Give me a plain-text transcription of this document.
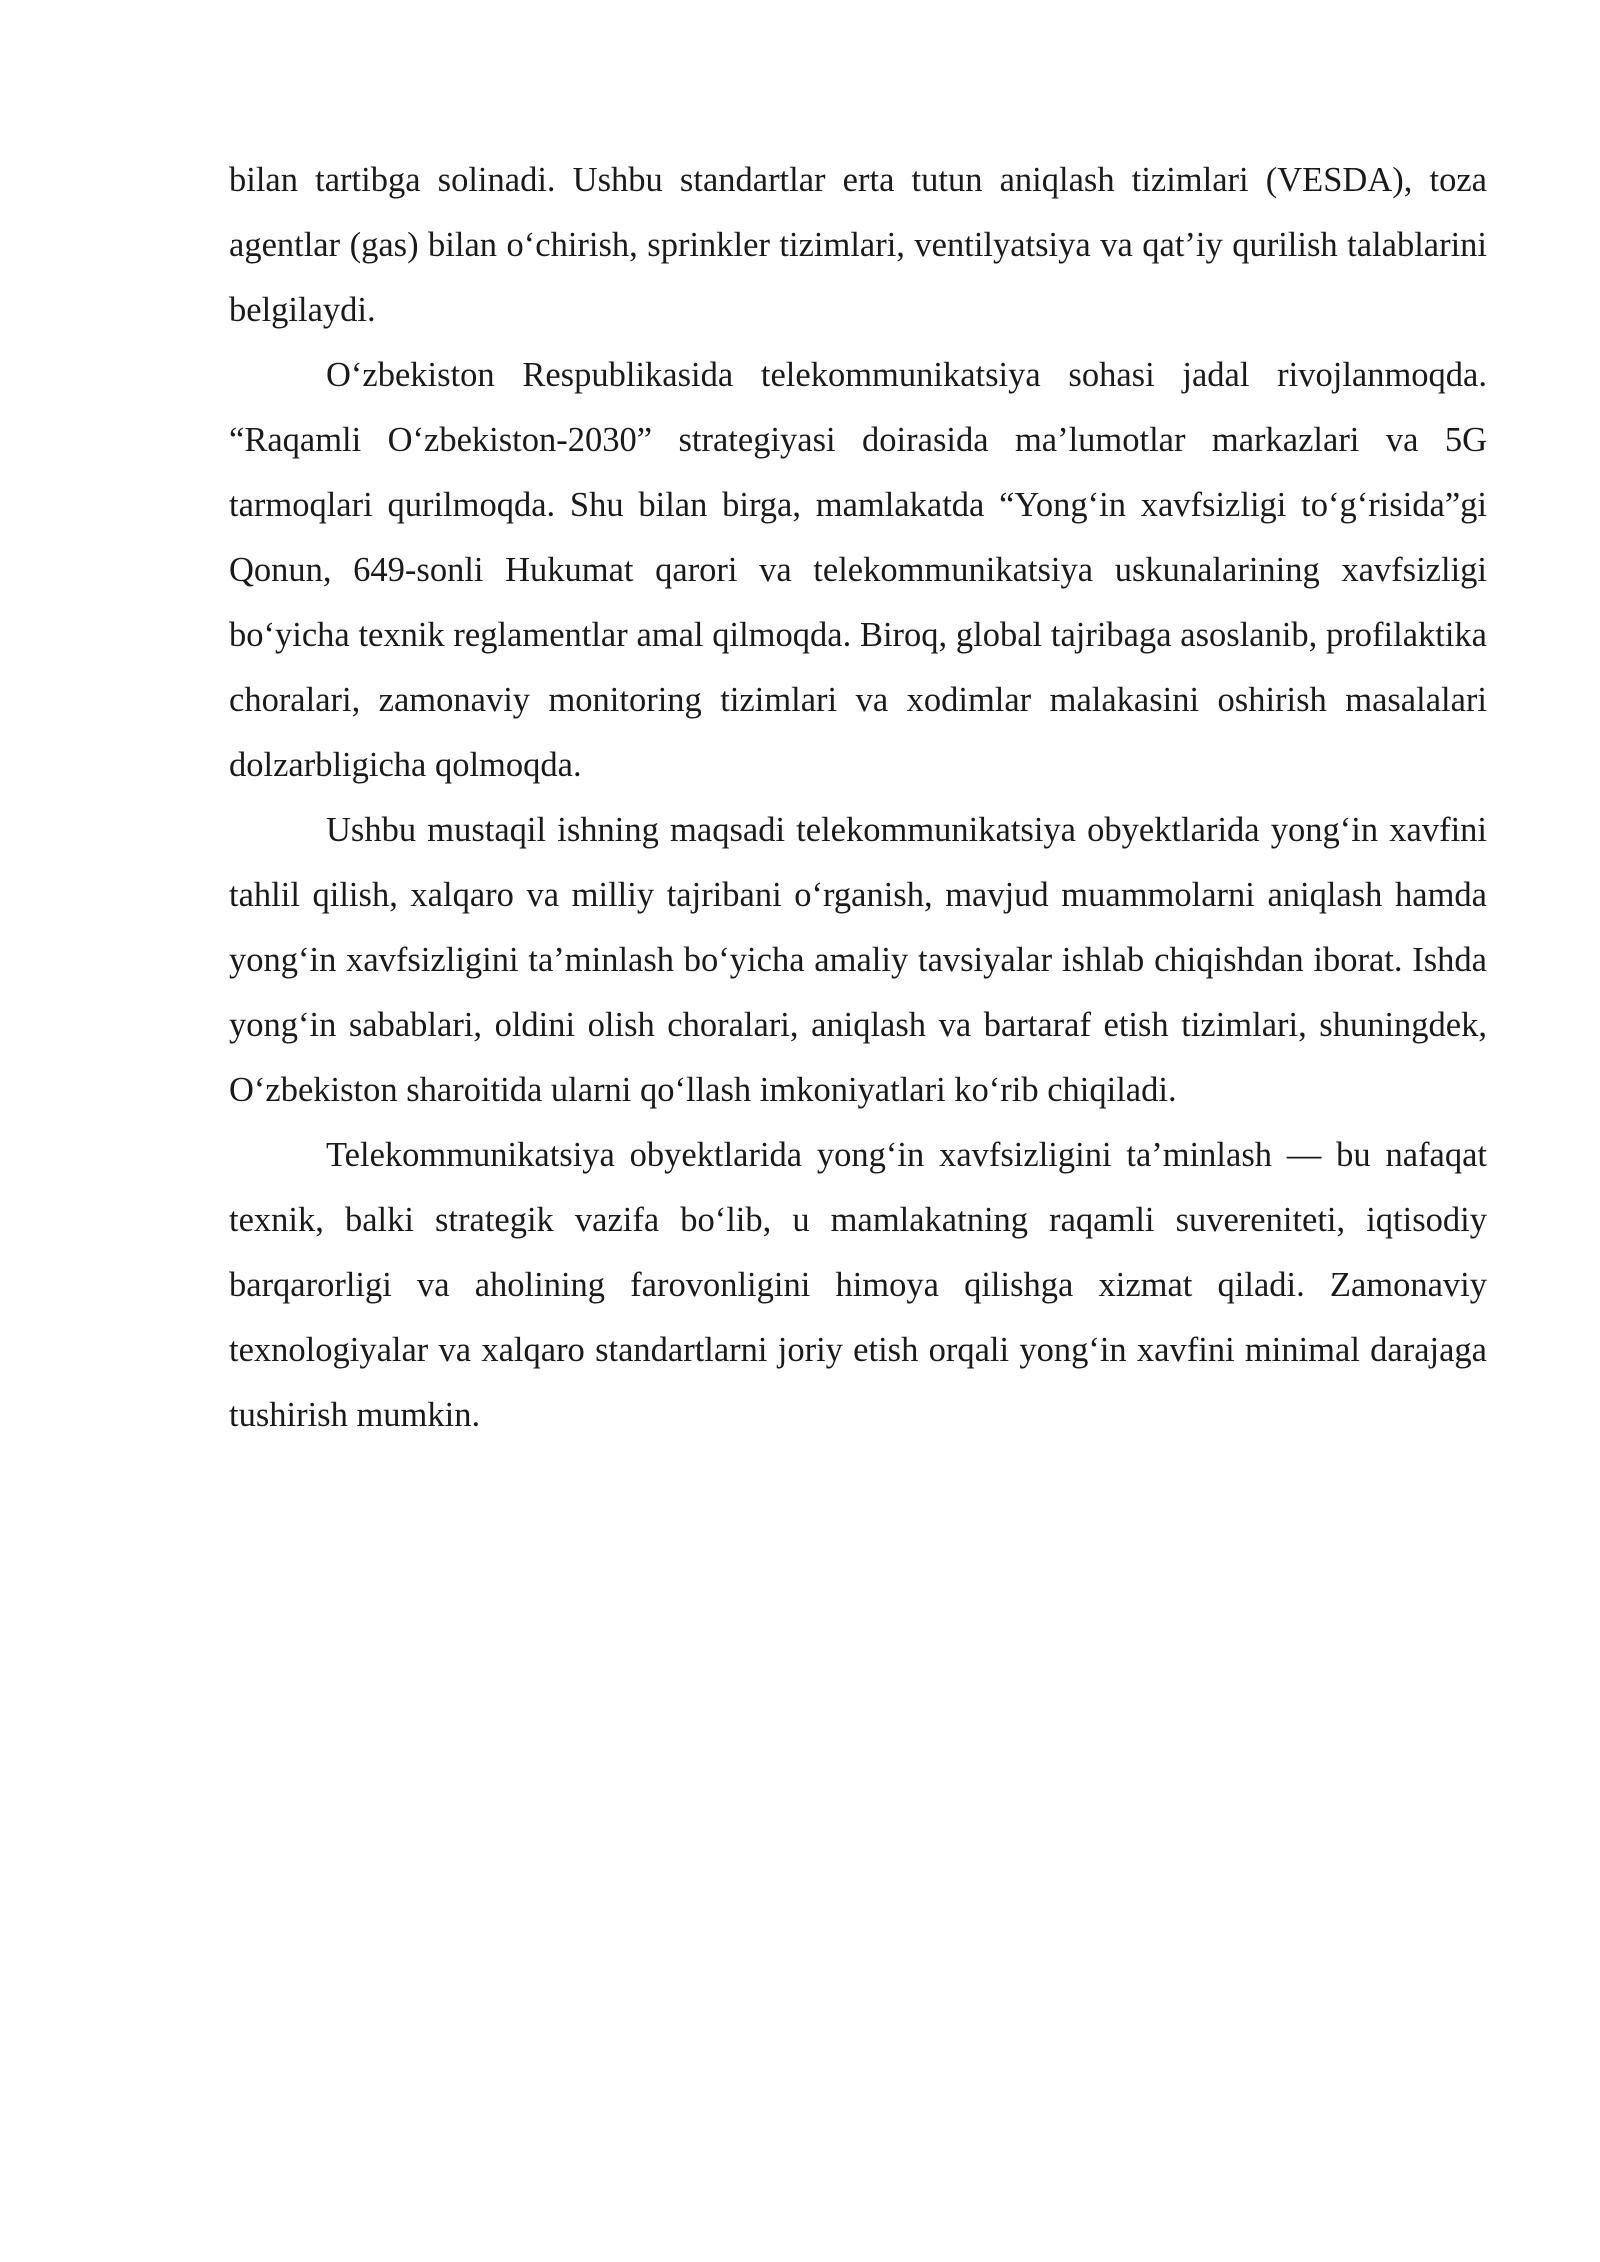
bilan tartibga solinadi. Ushbu standartlar erta tutun aniqlash tizimlari (VESDA), toza agentlar (gas) bilan o‘chirish, sprinkler tizimlari, ventilyatsiya va qat’iy qurilish talablarini belgilaydi.

O‘zbekiston Respublikasida telekommunikatsiya sohasi jadal rivojlanmoqda. “Raqamli O‘zbekiston-2030” strategiyasi doirasida ma’lumotlar markazlari va 5G tarmoqlari qurilmoqda. Shu bilan birga, mamlakatda “Yong‘in xavfsizligi to‘g‘risida”gi Qonun, 649-sonli Hukumat qarori va telekommunikatsiya uskunalarining xavfsizligi bo‘yicha texnik reglamentlar amal qilmoqda. Biroq, global tajribaga asoslanib, profilaktika choralari, zamonaviy monitoring tizimlari va xodimlar malakasini oshirish masalalari dolzarbligicha qolmoqda.

Ushbu mustaqil ishning maqsadi telekommunikatsiya obyektlarida yong‘in xavfini tahlil qilish, xalqaro va milliy tajribani o‘rganish, mavjud muammolarni aniqlash hamda yong‘in xavfsizligini ta’minlash bo‘yicha amaliy tavsiyalar ishlab chiqishdan iborat. Ishda yong‘in sabablari, oldini olish choralari, aniqlash va bartaraf etish tizimlari, shuningdek, O‘zbekiston sharoitida ularni qo‘llash imkoniyatlari ko‘rib chiqiladi.

Telekommunikatsiya obyektlarida yong‘in xavfsizligini ta’minlash — bu nafaqat texnik, balki strategik vazifa bo‘lib, u mamlakatning raqamli suvereniteti, iqtisodiy barqarorligi va aholining farovonligini himoya qilishga xizmat qiladi. Zamonaviy texnologiyalar va xalqaro standartlarni joriy etish orqali yong‘in xavfini minimal darajaga tushirish mumkin.
